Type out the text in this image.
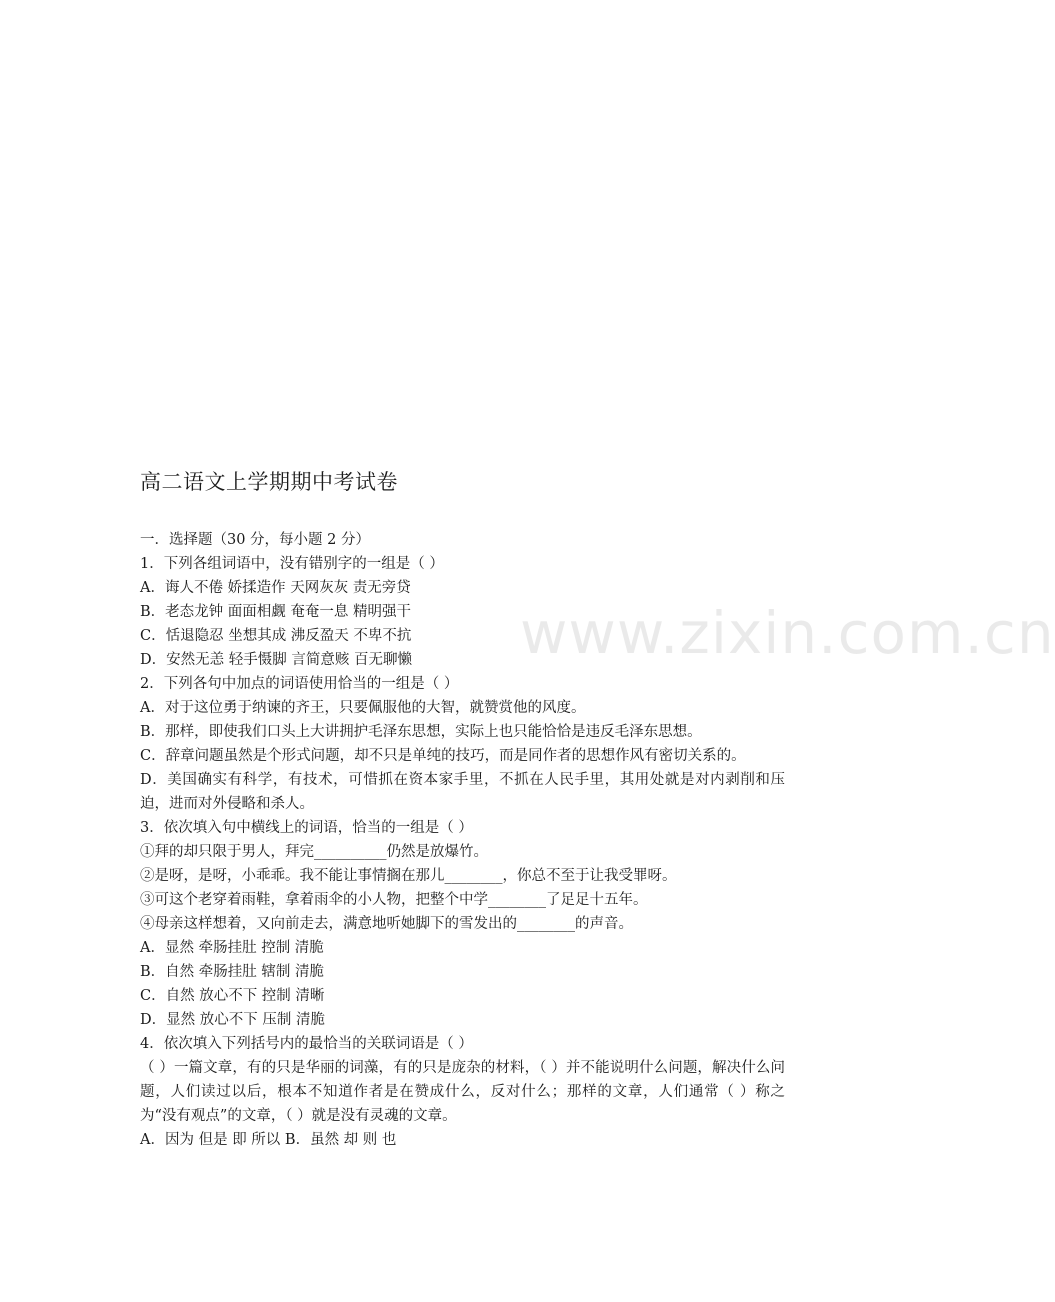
www.zixin.com.cn
高二语文上学期期中考试卷
一．选择题（30 分，每小题 2 分）
1．下列各组词语中，没有错别字的一组是（ ）
A．诲人不倦 娇揉造作 天网灰灰 责无旁贷
B．老态龙钟 面面相觑 奄奄一息 精明强干
C．恬退隐忍 坐想其成 沸反盈天 不卑不抗
D．安然无恙 轻手慑脚 言简意赅 百无聊懒
2．下列各句中加点的词语使用恰当的一组是（ ）
A．对于这位勇于纳谏的齐王，只要佩服他的大智，就赞赏他的风度。
B．那样，即使我们口头上大讲拥护毛泽东思想，实际上也只能恰恰是违反毛泽东思想。
C．辞章问题虽然是个形式问题，却不只是单纯的技巧，而是同作者的思想作风有密切关系的。
D．美国确实有科学，有技术，可惜抓在资本家手里，不抓在人民手里，其用处就是对内剥削和压迫，进而对外侵略和杀人。
3．依次填入句中横线上的词语，恰当的一组是（ ）
①拜的却只限于男人，拜完__________仍然是放爆竹。
②是呀，是呀，小乖乖。我不能让事情搁在那儿________，你总不至于让我受罪呀。
③可这个老穿着雨鞋，拿着雨伞的小人物，把整个中学________了足足十五年。
④母亲这样想着，又向前走去，满意地听她脚下的雪发出的________的声音。
A．显然 牵肠挂肚 控制 清脆
B．自然 牵肠挂肚 辖制 清脆
C．自然 放心不下 控制 清晰
D．显然 放心不下 压制 清脆
4．依次填入下列括号内的最恰当的关联词语是（ ）
（ ）一篇文章，有的只是华丽的词藻，有的只是庞杂的材料，（ ）并不能说明什么问题，解决什么问题，人们读过以后，根本不知道作者是在赞成什么，反对什么；那样的文章，人们通常（ ）称之为“没有观点”的文章，（ ）就是没有灵魂的文章。
A．因为 但是 即 所以 B．虽然 却 则 也
